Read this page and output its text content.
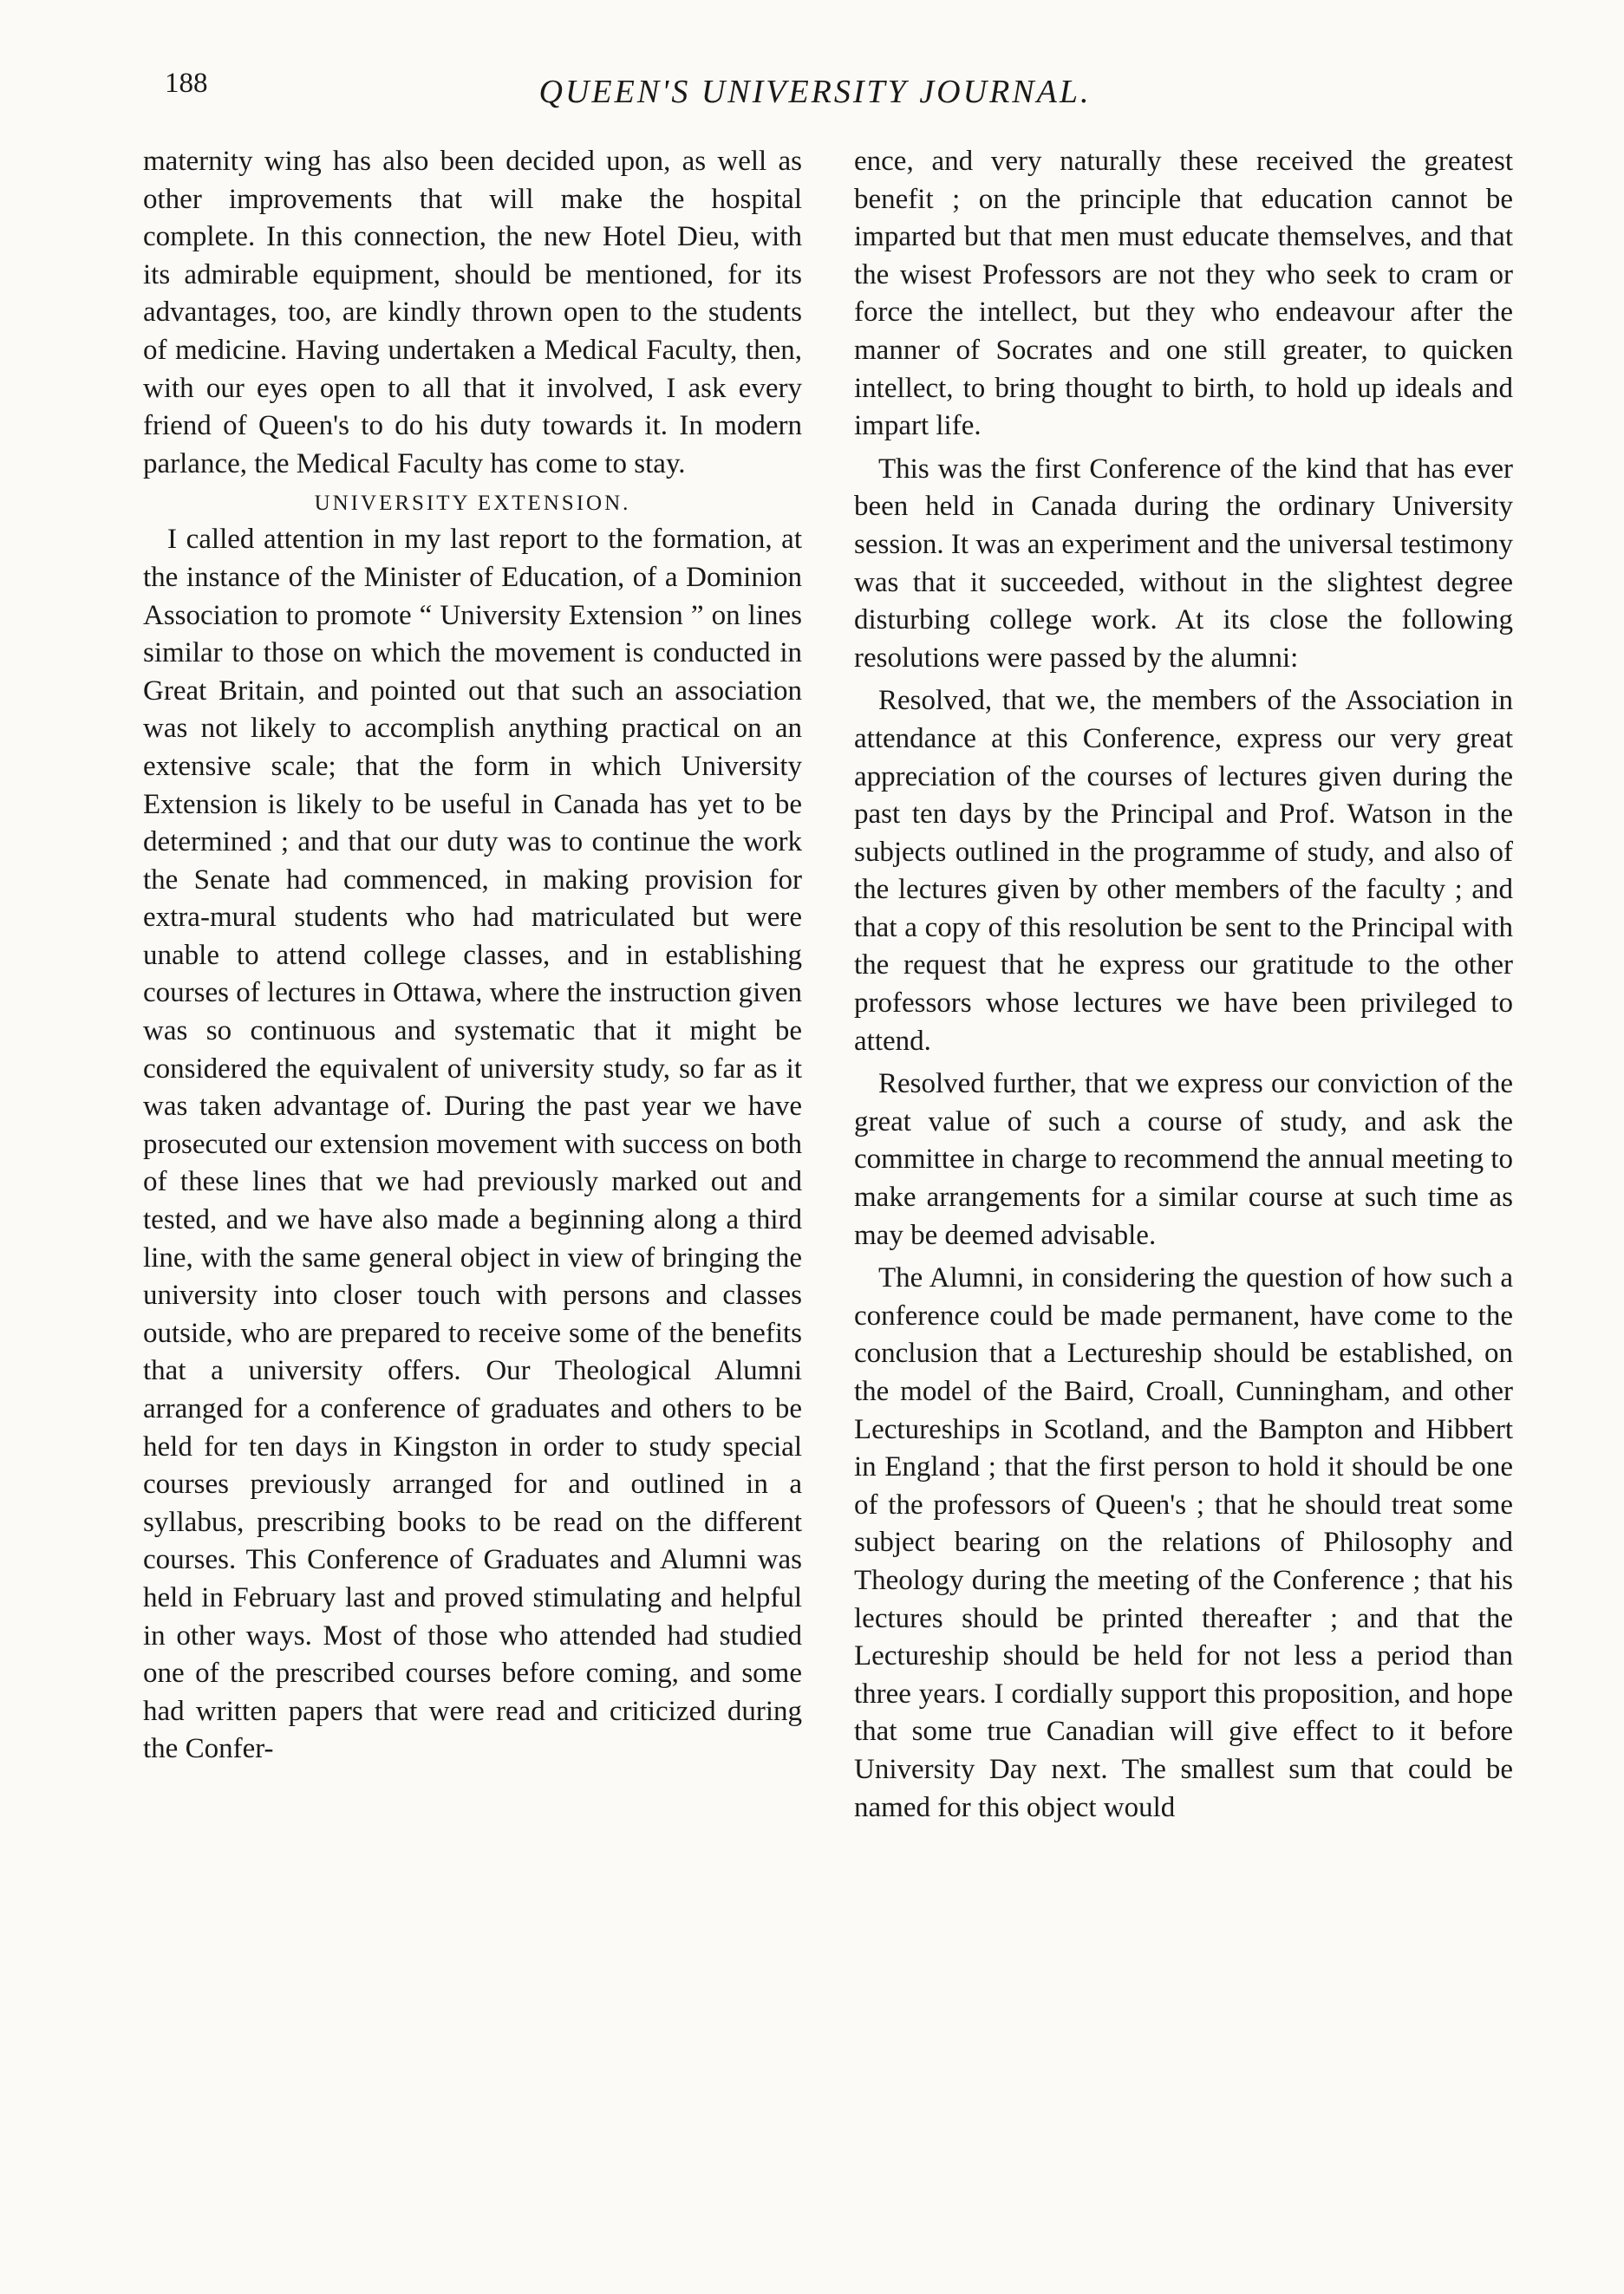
188	QUEEN'S UNIVERSITY JOURNAL.

maternity wing has also been decided upon, as well as other improvements that will make the hospital complete. In this connection, the new Hotel Dieu, with its admirable equipment, should be mentioned, for its advantages, too, are kindly thrown open to the students of medicine. Having undertaken a Medical Faculty, then, with our eyes open to all that it involved, I ask every friend of Queen's to do his duty towards it. In modern parlance, the Medical Faculty has come to stay.

UNIVERSITY EXTENSION.

I called attention in my last report to the formation, at the instance of the Minister of Education, of a Dominion Association to promote “ University Extension ” on lines similar to those on which the movement is conducted in Great Britain, and pointed out that such an association was not likely to accomplish anything practical on an extensive scale; that the form in which University Extension is likely to be useful in Canada has yet to be determined ; and that our duty was to continue the work the Senate had commenced, in making provision for extra-mural students who had matriculated but were unable to attend college classes, and in establishing courses of lectures in Ottawa, where the instruction given was so continuous and systematic that it might be considered the equivalent of university study, so far as it was taken advantage of. During the past year we have prosecuted our extension movement with success on both of these lines that we had previously marked out and tested, and we have also made a beginning along a third line, with the same general object in view of bringing the university into closer touch with persons and classes outside, who are prepared to receive some of the benefits that a university offers. Our Theological Alumni arranged for a conference of graduates and others to be held for ten days in Kingston in order to study special courses previously arranged for and outlined in a syllabus, prescribing books to be read on the different courses. This Conference of Graduates and Alumni was held in February last and proved stimulating and helpful in other ways. Most of those who attended had studied one of the prescribed courses before coming, and some had written papers that were read and criticized during the Confer-

ence, and very naturally these received the greatest benefit ; on the principle that education cannot be imparted but that men must educate themselves, and that the wisest Professors are not they who seek to cram or force the intellect, but they who endeavour after the manner of Socrates and one still greater, to quicken intellect, to bring thought to birth, to hold up ideals and impart life.

This was the first Conference of the kind that has ever been held in Canada during the ordinary University session. It was an experiment and the universal testimony was that it succeeded, without in the slightest degree disturbing college work. At its close the following resolutions were passed by the alumni:

Resolved, that we, the members of the Association in attendance at this Conference, express our very great appreciation of the courses of lectures given during the past ten days by the Principal and Prof. Watson in the subjects outlined in the programme of study, and also of the lectures given by other members of the faculty ; and that a copy of this resolution be sent to the Principal with the request that he express our gratitude to the other professors whose lectures we have been privileged to attend.

Resolved further, that we express our conviction of the great value of such a course of study, and ask the committee in charge to recommend the annual meeting to make arrangements for a similar course at such time as may be deemed advisable.

The Alumni, in considering the question of how such a conference could be made permanent, have come to the conclusion that a Lectureship should be established, on the model of the Baird, Croall, Cunningham, and other Lectureships in Scotland, and the Bampton and Hibbert in England ; that the first person to hold it should be one of the professors of Queen's ; that he should treat some subject bearing on the relations of Philosophy and Theology during the meeting of the Conference ; that his lectures should be printed thereafter ; and that the Lectureship should be held for not less a period than three years. I cordially support this proposition, and hope that some true Canadian will give effect to it before University Day next. The smallest sum that could be named for this object would
